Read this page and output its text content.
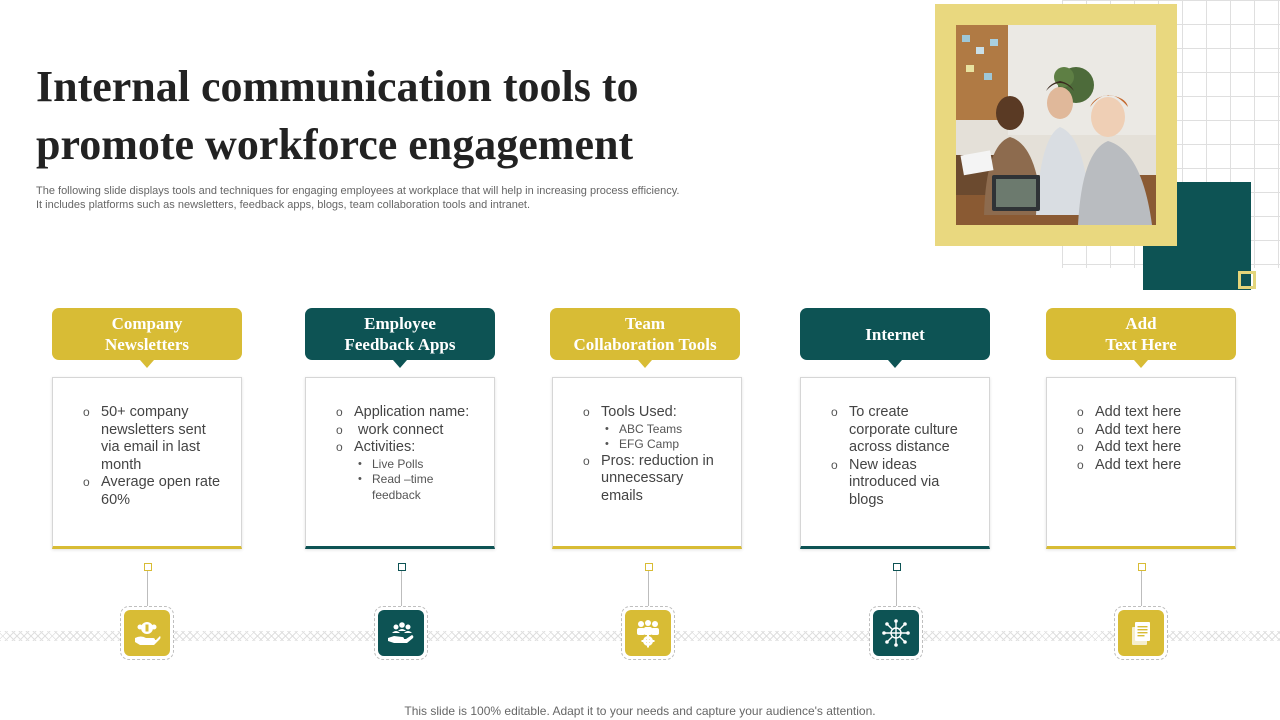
Internal communication tools to
promote workforce engagement
The following slide displays tools and techniques for engaging employees at workplace that will help in increasing process efficiency.
It includes platforms such as newsletters, feedback apps, blogs, team collaboration tools and intranet.
Company
Newsletters
o 50+ company newsletters sent via email in last month
o Average open rate 60%
Employee
Feedback Apps
o Application name:
o  work connect
o Activities:
• Live Polls
• Read –time feedback
Team
Collaboration Tools
o Tools Used:
• ABC Teams
• EFG Camp
o Pros: reduction in unnecessary emails
Internet
o To create corporate culture across distance
o New ideas introduced via blogs
Add
Text Here
o Add text here
o Add text here
o Add text here
o Add text here
This slide is 100% editable. Adapt it to your needs and capture your audience's attention.
